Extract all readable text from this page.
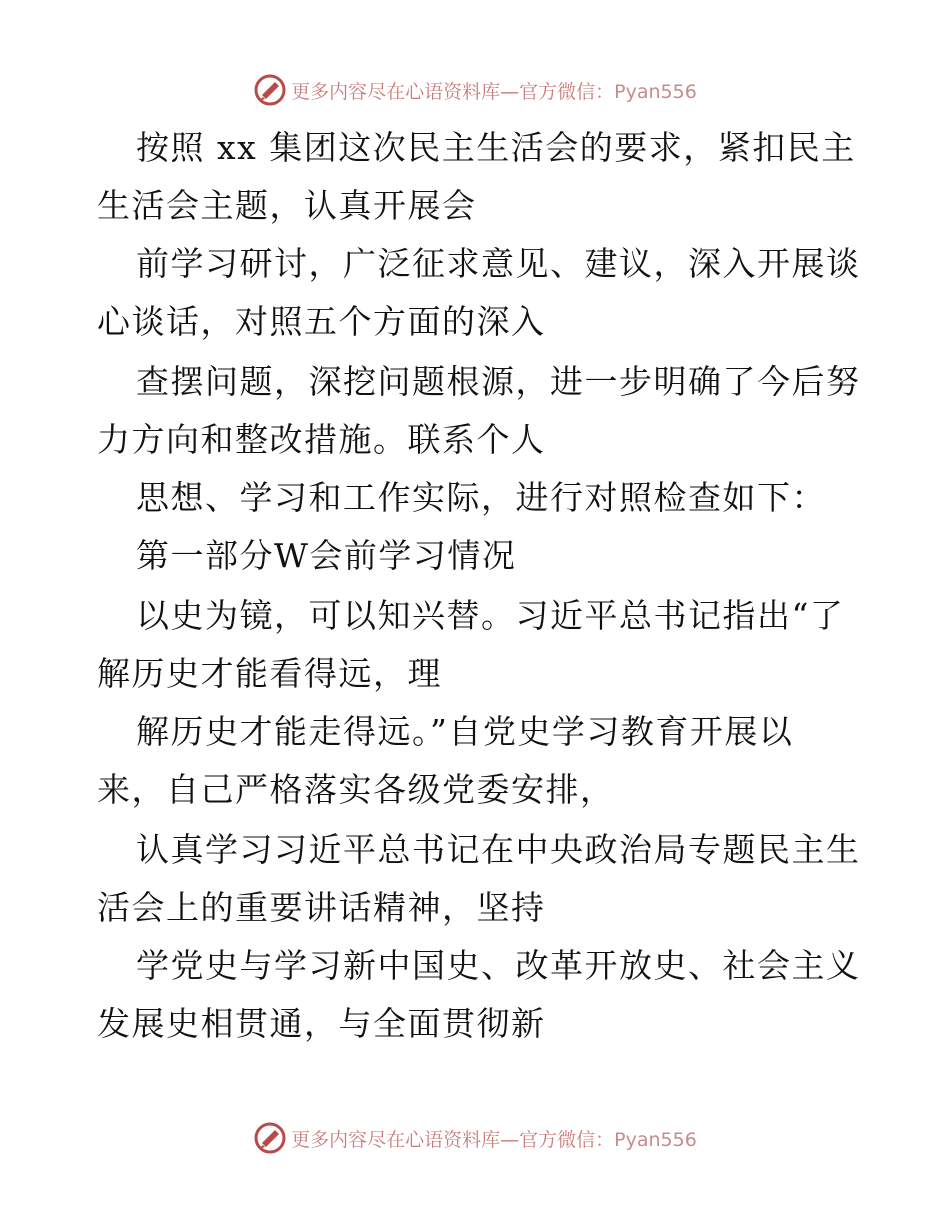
更多内容尽在心语资料库—官方微信：Pyan556
按照 xx 集团这次民主生活会的要求，紧扣民主
生活会主题，认真开展会
前学习研讨，广泛征求意见、建议，深入开展谈
心谈话，对照五个方面的深入
查摆问题，深挖问题根源，进一步明确了今后努
力方向和整改措施。联系个人
思想、学习和工作实际，进行对照检查如下：
第一部分W会前学习情况
以史为镜，可以知兴替。习近平总书记指出“了
解历史才能看得远，理
解历史才能走得远。”自党史学习教育开展以
来，自己严格落实各级党委安排，
认真学习习近平总书记在中央政治局专题民主生
活会上的重要讲话精神，坚持
学党史与学习新中国史、改革开放史、社会主义
发展史相贯通，与全面贯彻新
更多内容尽在心语资料库—官方微信：Pyan556
